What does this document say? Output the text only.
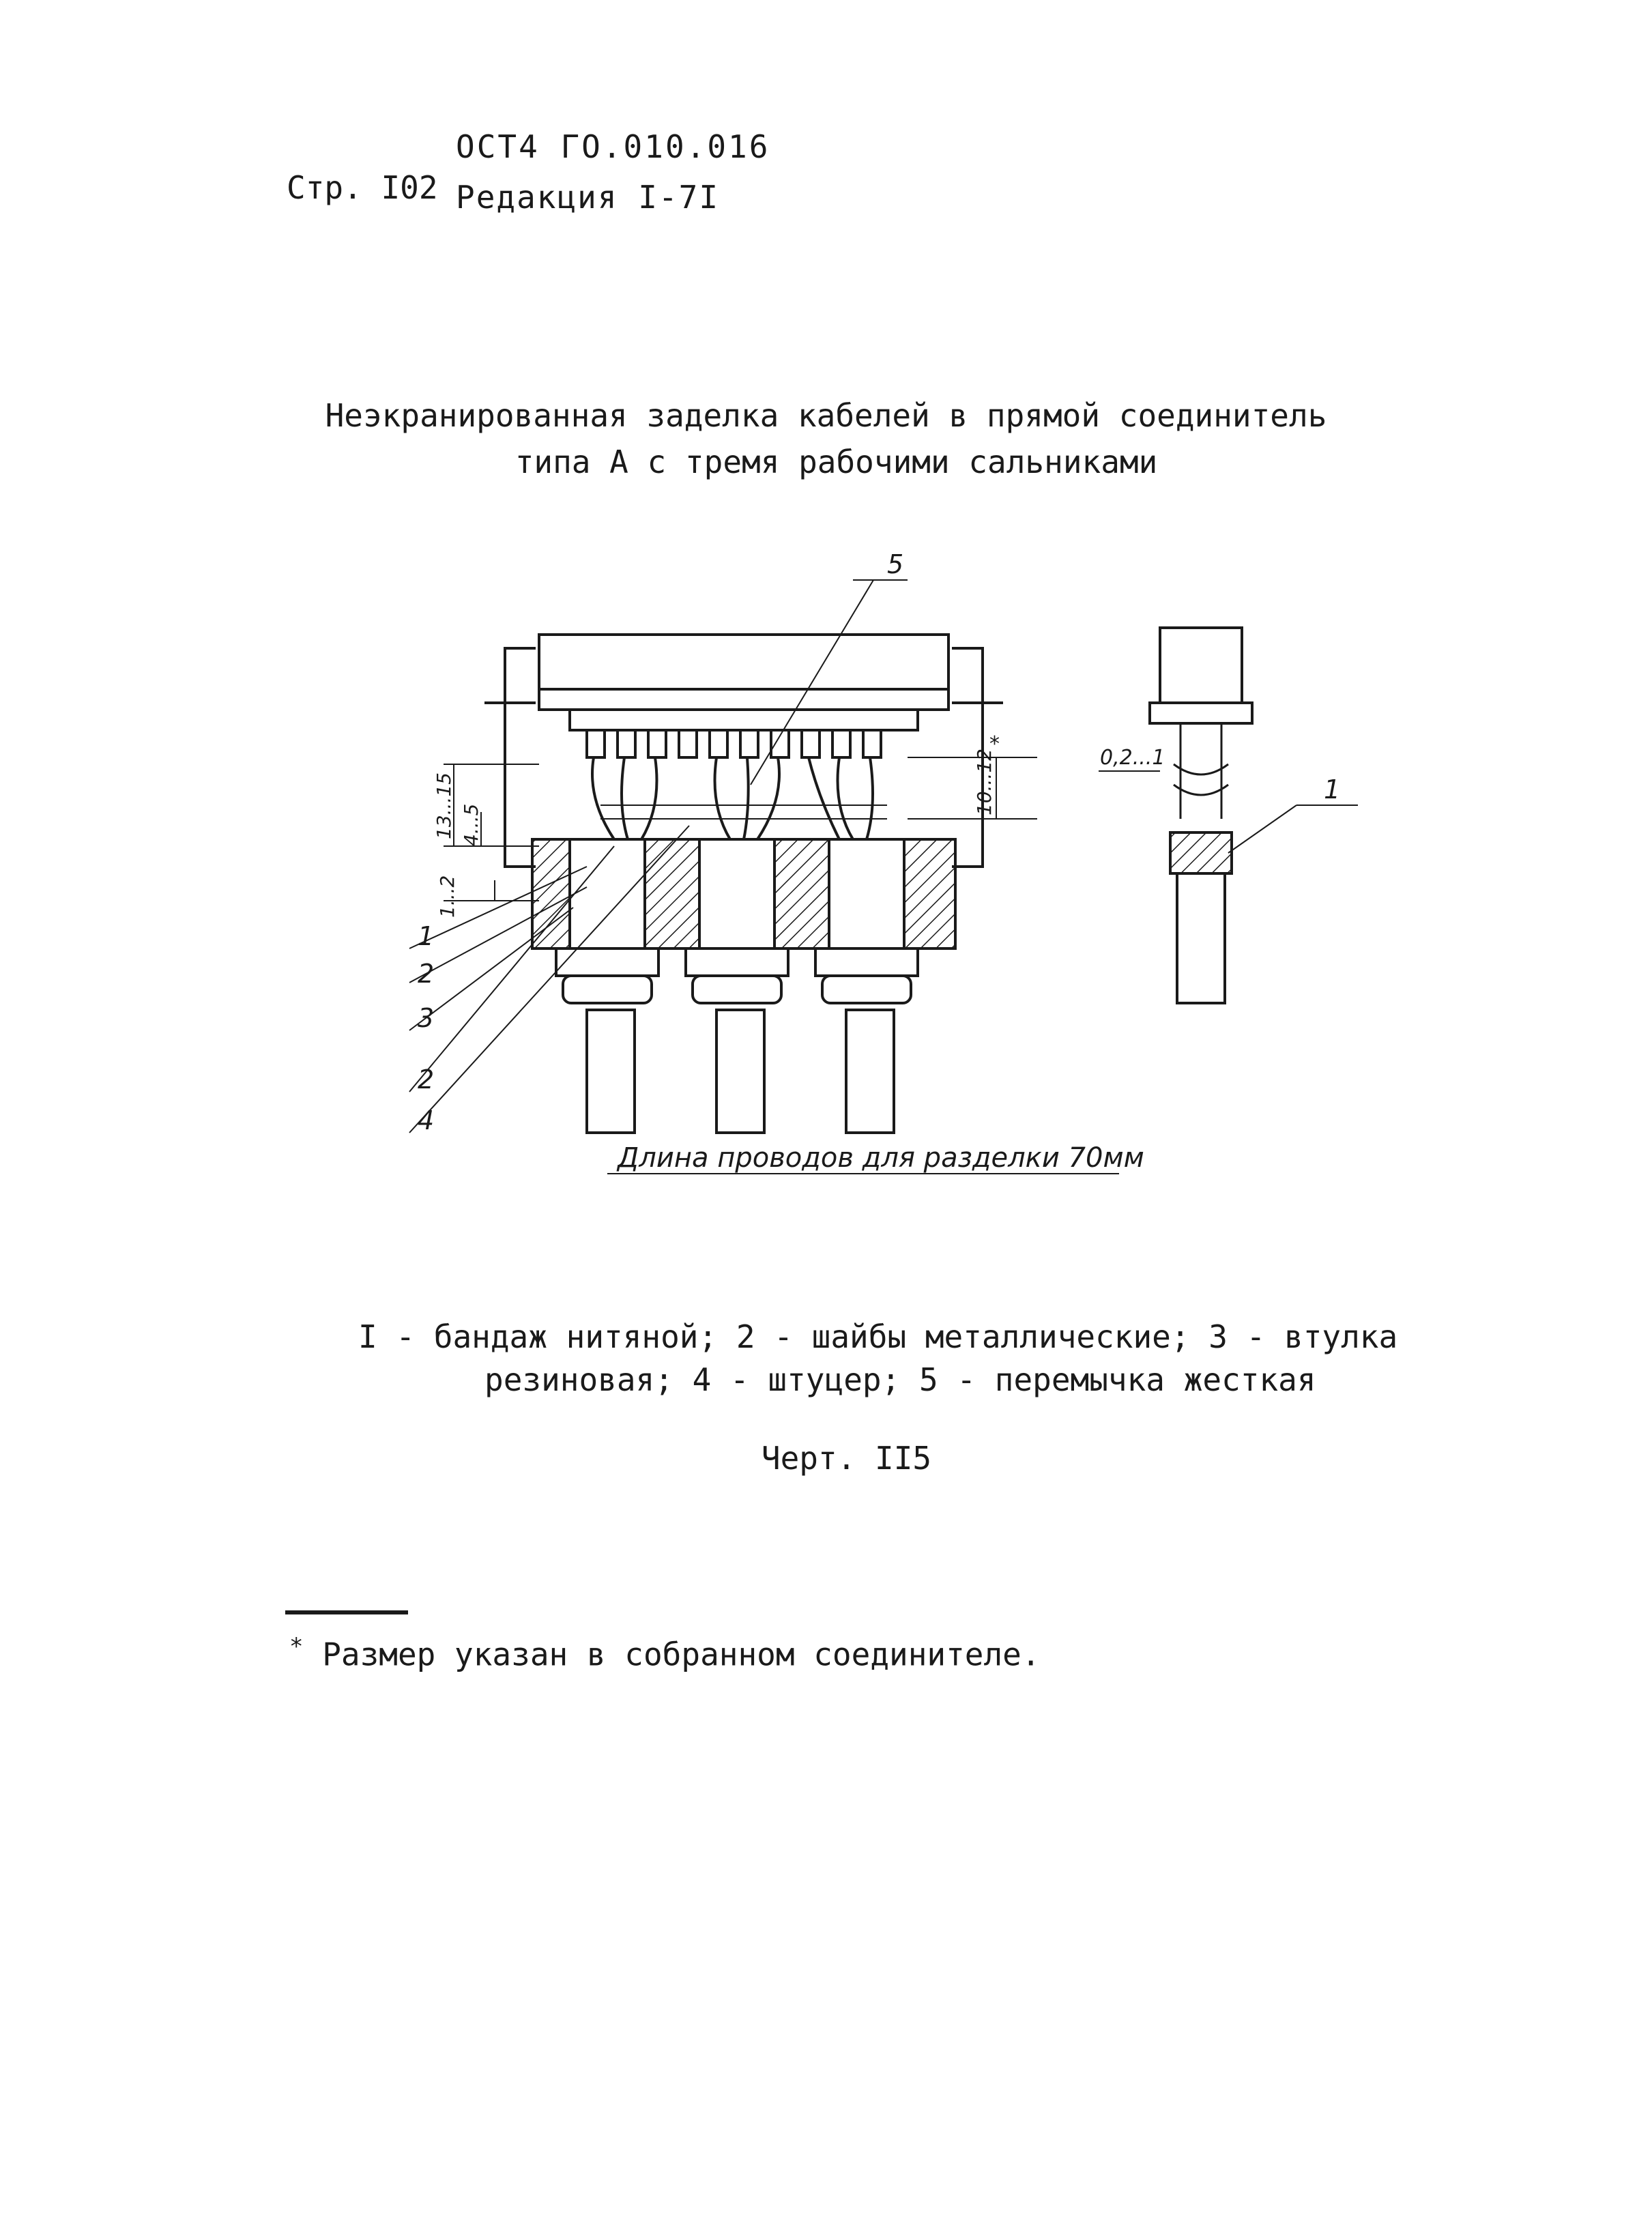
ОСТ4 ГО.010.016
Стр. I02 Редакция I-7I
Неэкранированная заделка кабелей в прямой соединитель
типа А с тремя рабочими сальниками
5
1
2
3
2
4
1
0,2...1
*
Длина проводов для разделки 70мм
13...15 4...5
1...2
10...12
I - бандаж нитяной; 2 - шайбы металлические; 3 - втулка
резиновая; 4 - штуцер; 5 - перемычка жесткая
Черт. II5
* Размер указан в собранном соединителе.
